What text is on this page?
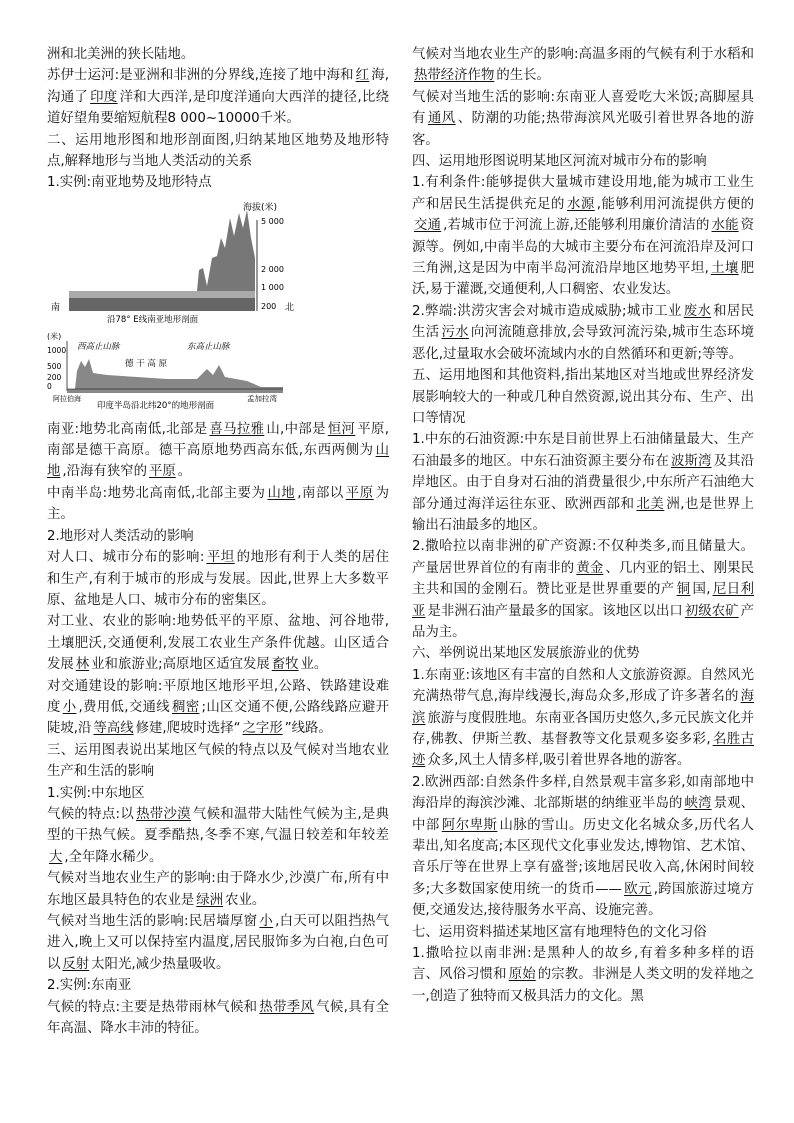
洲和北美洲的狭长陆地。

苏伊士运河:是亚洲和非洲的分界线,连接了地中海和 红 海,沟通了 印度 洋和大西洋,是印度洋通向大西洋的捷径,比绕道好望角要缩短航程8 000~10000千米。

二、运用地形图和地形剖面图,归纳某地区地势及地形特点,解释地形与当地人类活动的关系

1.实例:南亚地势及地形特点

海拔(米)
5 000
2 000
1 000
200
南	北
沿78° E线南亚地形剖面

(米)
1000
500
200
0
西高止山脉	东高止山脉
德 干 高 原
阿拉伯海	孟加拉湾
印度半岛沿北纬20°的地形剖面

南亚:地势北高南低,北部是 喜马拉雅 山,中部是 恒河 平原,南部是德干高原。德干高原地势西高东低,东西两侧为 山地 ,沿海有狭窄的 平原 。

中南半岛:地势北高南低,北部主要为 山地 ,南部以 平原 为主。

2.地形对人类活动的影响

对人口、城市分布的影响: 平坦 的地形有利于人类的居住和生产,有利于城市的形成与发展。因此,世界上大多数平原、盆地是人口、城市分布的密集区。

对工业、农业的影响:地势低平的平原、盆地、河谷地带,土壤肥沃,交通便利,发展工农业生产条件优越。山区适合发展 林 业和旅游业;高原地区适宜发展 畜牧 业。

对交通建设的影响:平原地区地形平坦,公路、铁路建设难度 小 ,费用低,交通线 稠密 ;山区交通不便,公路线路应避开陡坡,沿 等高线 修建,爬坡时选择“ 之字形 ”线路。

三、运用图表说出某地区气候的特点以及气候对当地农业生产和生活的影响

1.实例:中东地区

气候的特点:以 热带沙漠 气候和温带大陆性气候为主,是典型的干热气候。夏季酷热,冬季不寒,气温日较差和年较差大 ,全年降水稀少。

气候对当地农业生产的影响:由于降水少,沙漠广布,所有中东地区最具特色的农业是 绿洲 农业。

气候对当地生活的影响:民居墙厚窗 小 ,白天可以阻挡热气进入,晚上又可以保持室内温度,居民服饰多为白袍,白色可以 反射 太阳光,减少热量吸收。

2.实例:东南亚

气候的特点:主要是热带雨林气候和 热带季风 气候,具有全年高温、降水丰沛的特征。

气候对当地农业生产的影响:高温多雨的气候有利于水稻和热带经济作物 的生长。

气候对当地生活的影响:东南亚人喜爱吃大米饭;高脚屋具有 通风 、防潮的功能;热带海滨风光吸引着世界各地的游客。

四、运用地形图说明某地区河流对城市分布的影响

1.有利条件:能够提供大量城市建设用地,能为城市工业生产和居民生活提供充足的 水源 ,能够利用河流提供方便的交通 ,若城市位于河流上游,还能够利用廉价清洁的 水能 资源等。例如,中南半岛的大城市主要分布在河流沿岸及河口三角洲,这是因为中南半岛河流沿岸地区地势平坦, 土壤 肥沃,易于灌溉,交通便利,人口稠密、农业发达。

2.弊端:洪涝灾害会对城市造成威胁;城市工业 废水 和居民生活 污水 向河流随意排放,会导致河流污染,城市生态环境恶化,过量取水会破坏流域内水的自然循环和更新;等等。

五、运用地图和其他资料,指出某地区对当地或世界经济发展影响较大的一种或几种自然资源,说出其分布、生产、出口等情况

1.中东的石油资源:中东是目前世界上石油储量最大、生产石油最多的地区。中东石油资源主要分布在 波斯湾 及其沿岸地区。由于自身对石油的消费量很少,中东所产石油绝大部分通过海洋运往东亚、欧洲西部和 北美 洲,也是世界上输出石油最多的地区。

2.撒哈拉以南非洲的矿产资源:不仅种类多,而且储量大。产量居世界首位的有南非的 黄金 、几内亚的铝土、刚果民主共和国的金刚石。赞比亚是世界重要的产 铜 国, 尼日利亚 是非洲石油产量最多的国家。该地区以出口 初级农矿 产品为主。

六、举例说出某地区发展旅游业的优势

1.东南亚:该地区有丰富的自然和人文旅游资源。自然风光充满热带气息,海岸线漫长,海岛众多,形成了许多著名的 海滨 旅游与度假胜地。东南亚各国历史悠久,多元民族文化并存,佛教、伊斯兰教、基督教等文化景观多姿多彩, 名胜古迹 众多,风土人情多样,吸引着世界各地的游客。

2.欧洲西部:自然条件多样,自然景观丰富多彩,如南部地中海沿岸的海滨沙滩、北部斯堪的纳维亚半岛的 峡湾 景观、中部 阿尔卑斯 山脉的雪山。历史文化名城众多,历代名人辈出,知名度高;本区现代文化事业发达,博物馆、艺术馆、音乐厅等在世界上享有盛誉;该地居民收入高,休闲时间较多;大多数国家使用统一的货币—— 欧元 ,跨国旅游过境方便,交通发达,接待服务水平高、设施完善。

七、运用资料描述某地区富有地理特色的文化习俗

1.撒哈拉以南非洲:是黑种人的故乡,有着多种多样的语言、风俗习惯和 原始 的宗教。非洲是人类文明的发祥地之一,创造了独特而又极具活力的文化。黑
